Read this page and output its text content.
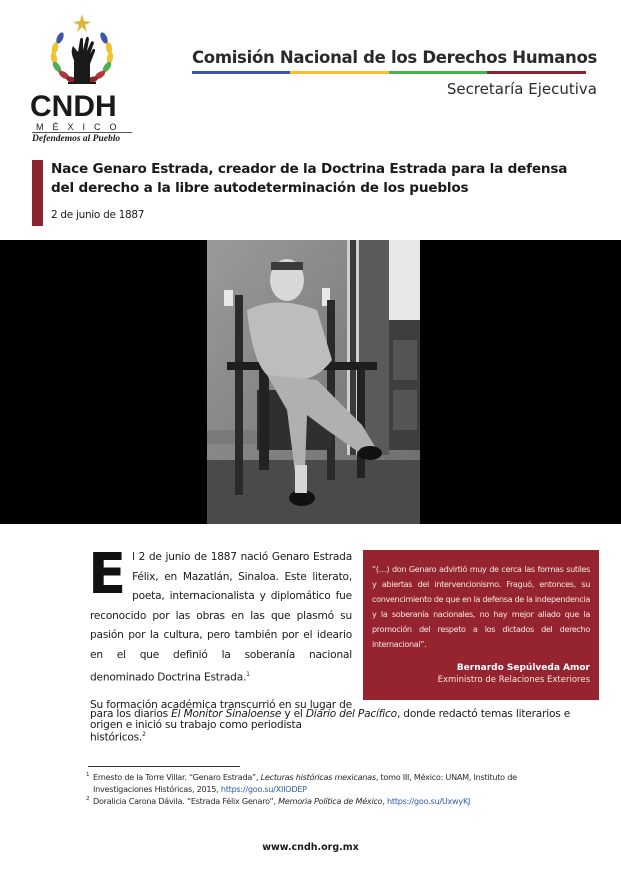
CNDH
MÉXICO
Defendemos al Pueblo
Comisión Nacional de los Derechos Humanos
Secretaría Ejecutiva
Nace Genaro Estrada, creador de la Doctrina Estrada para la defensa del derecho a la libre autodeterminación de los pueblos
2 de junio de 1887

El 2 de junio de 1887 nació Genaro Estrada Félix, en Mazatlán, Sinaloa. Este literato, poeta, internacionalista y diplomático fue reconocido por las obras en las que plasmó su pasión por la cultura, pero también por el ideario en el que definió la soberanía nacional denominado Doctrina Estrada.$^1$

Su formación académica transcurrió en su lugar de origen e inició su trabajo como periodista

para los diarios El Monitor Sinaloense y el Diario del Pacífico, donde redactó temas literarios e históricos.$^2$

“(…) don Genaro advirtió muy de cerca las formas sutiles y abiertas del intervencionismo. Fraguó, entonces, su convencimiento de que en la defensa de la independencia y la soberanía nacionales, no hay mejor aliado que la promoción del respeto a los dictados del derecho internacional”.

Bernardo Sepúlveda Amor

Exministro de Relaciones Exteriores

1 Ernesto de la Torre Villar. “Genaro Estrada”, Lecturas históricas mexicanas, tomo III, México: UNAM, Instituto de Investigaciones Históricas, 2015, https://goo.su/XIIODEP
2 Doralicia Carona Dávila. “Estrada Félix Genaro”, Memoria Política de México, https://goo.su/UxwyKJ
www.cndh.org.mx
